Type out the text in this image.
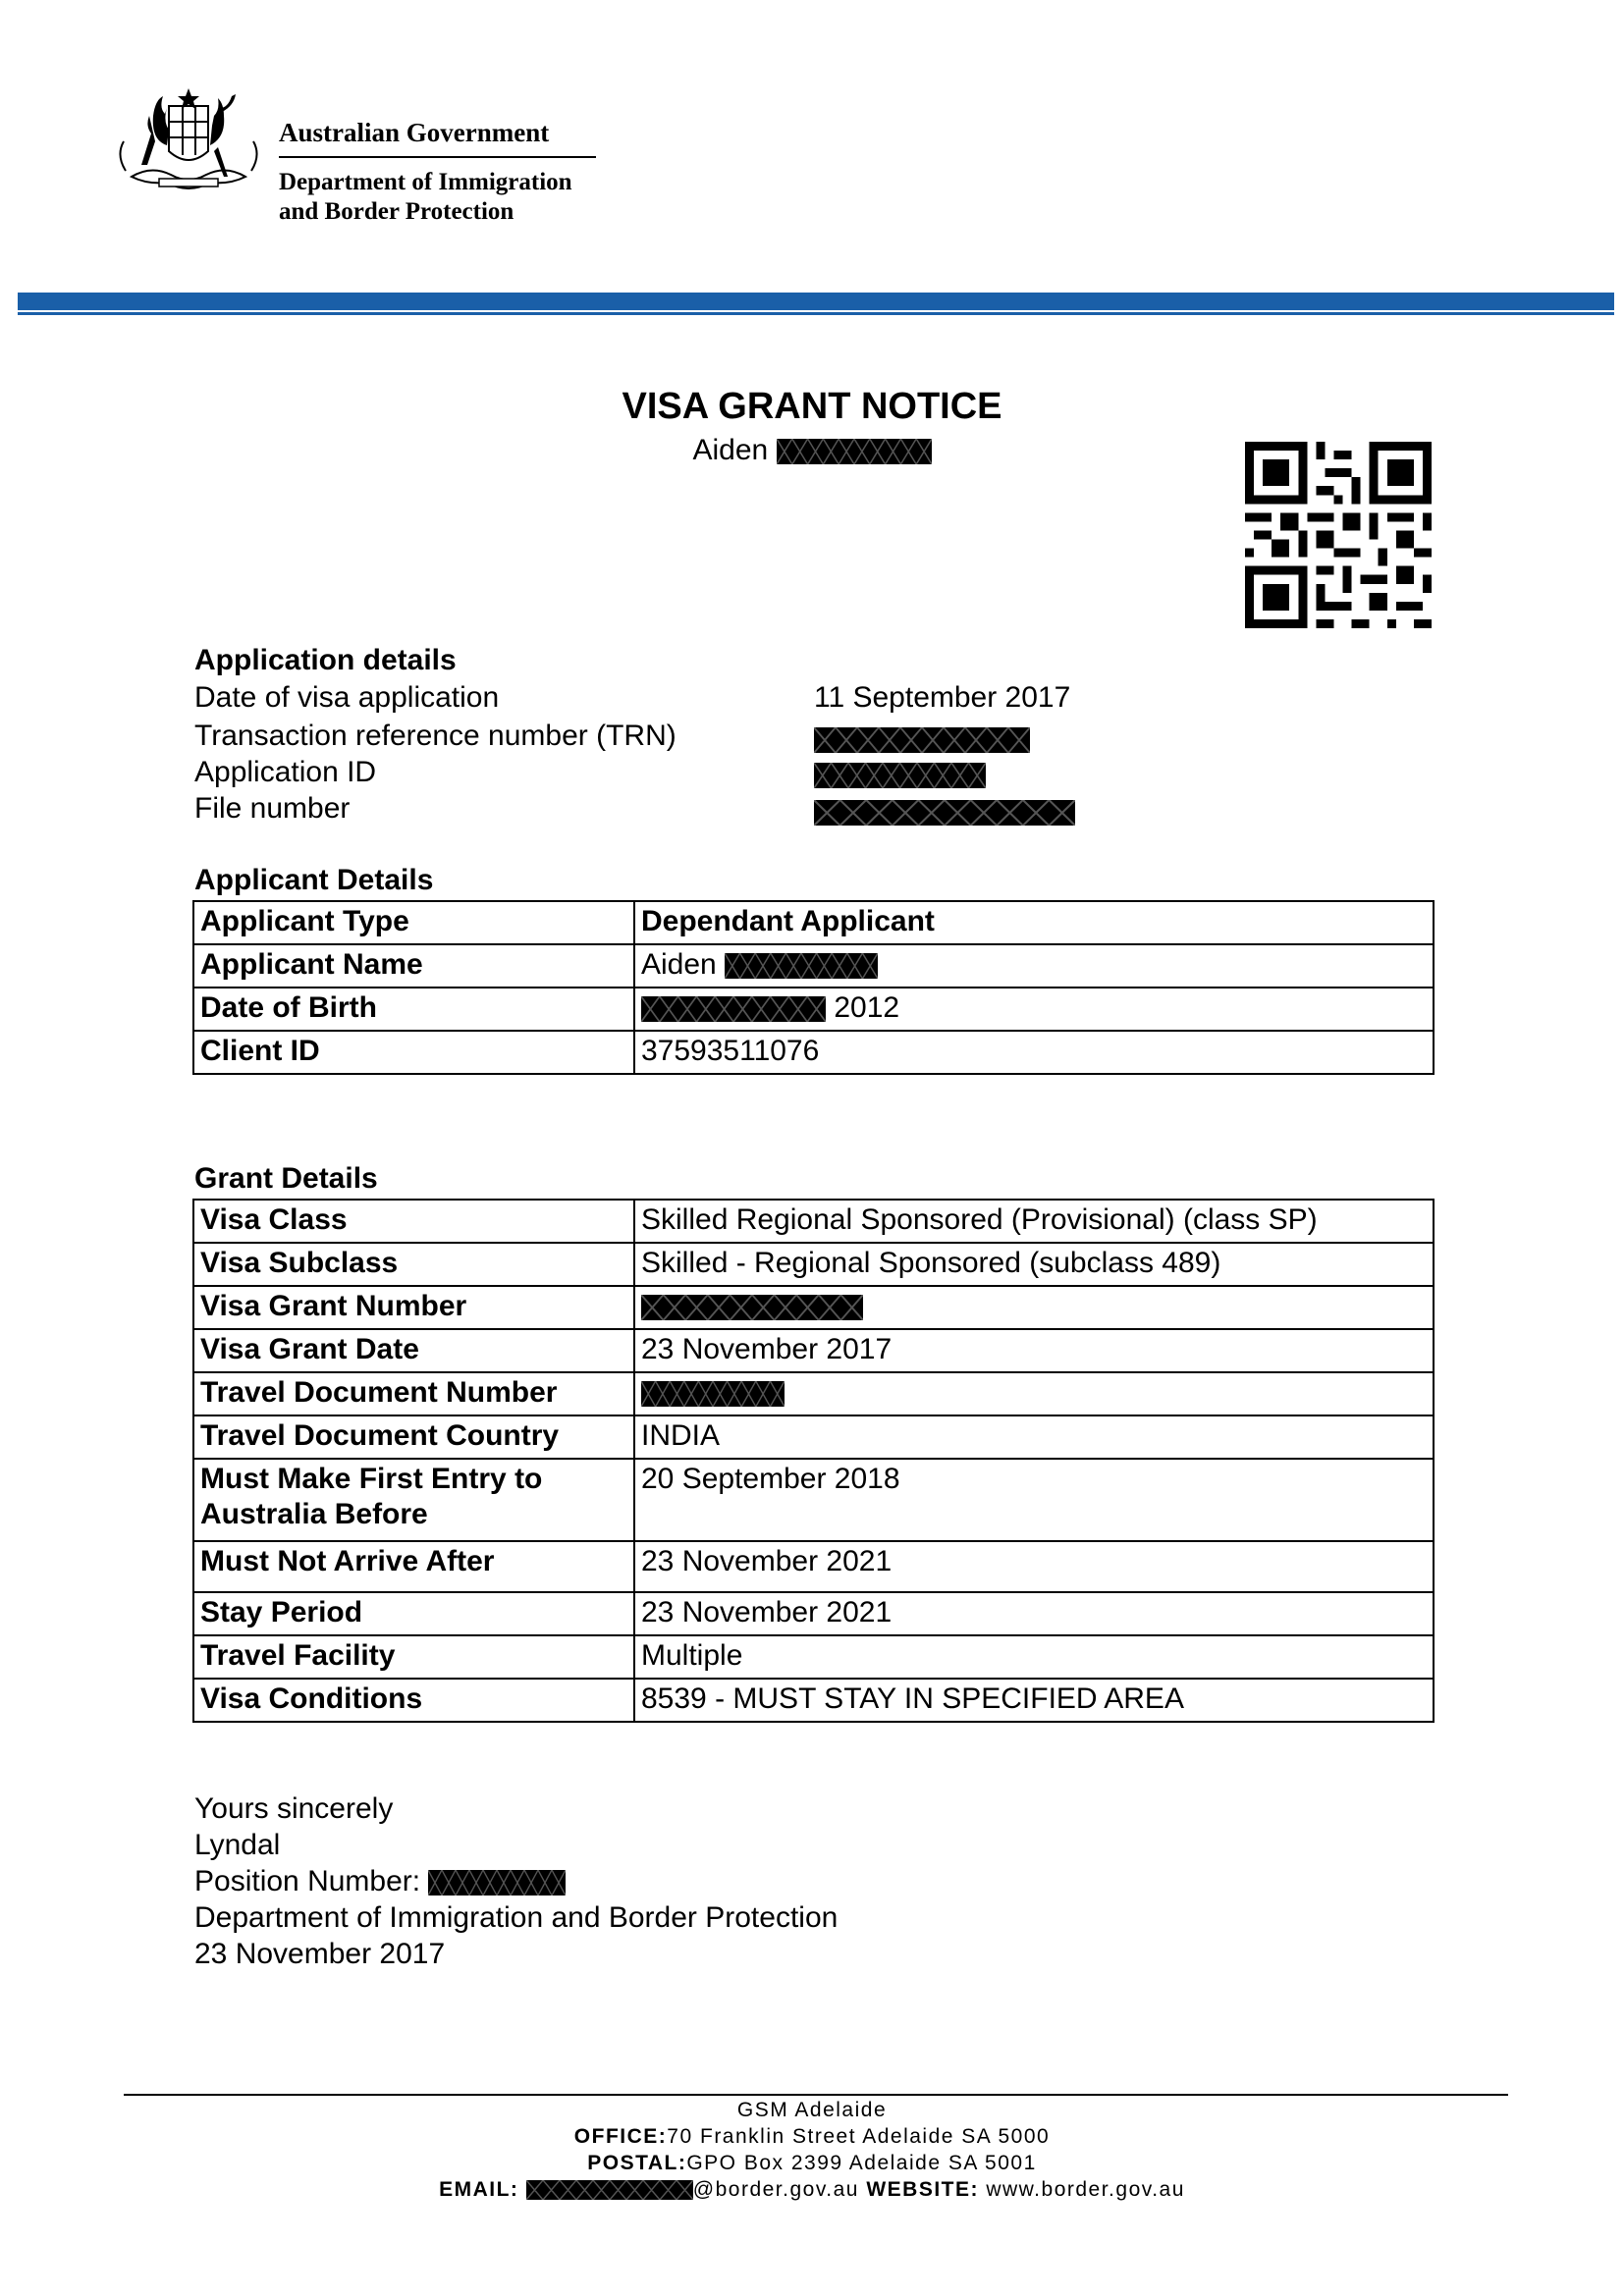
Australian Government
Department of Immigration
and Border Protection
VISA GRANT NOTICE
Aiden
Application details
Date of visa application	11 September 2017
Transaction reference number (TRN)
Application ID
File number
Applicant Details
Applicant Type	Dependant Applicant
Applicant Name	Aiden

Date of Birth	2012
Client ID	37593511076
Grant Details
Visa Class	Skilled Regional Sponsored (Provisional) (class SP)
Visa Subclass	Skilled - Regional Sponsored (subclass 489)
Visa Grant Number	

Visa Grant Date	23 November 2017
Travel Document Number	

Travel Document Country	INDIA
Must Make First Entry to Australia Before	20 September 2018
Must Not Arrive After	23 November 2021
Stay Period	23 November 2021
Travel Facility	Multiple
Visa Conditions	8539 - MUST STAY IN SPECIFIED AREA
Yours sincerely
Lyndal
Position Number:
Department of Immigration and Border Protection
23 November 2017
GSM Adelaide
OFFICE:70 Franklin Street Adelaide SA 5000
POSTAL:GPO Box 2399 Adelaide SA 5001
EMAIL:	@border.gov.au WEBSITE: www.border.gov.au
